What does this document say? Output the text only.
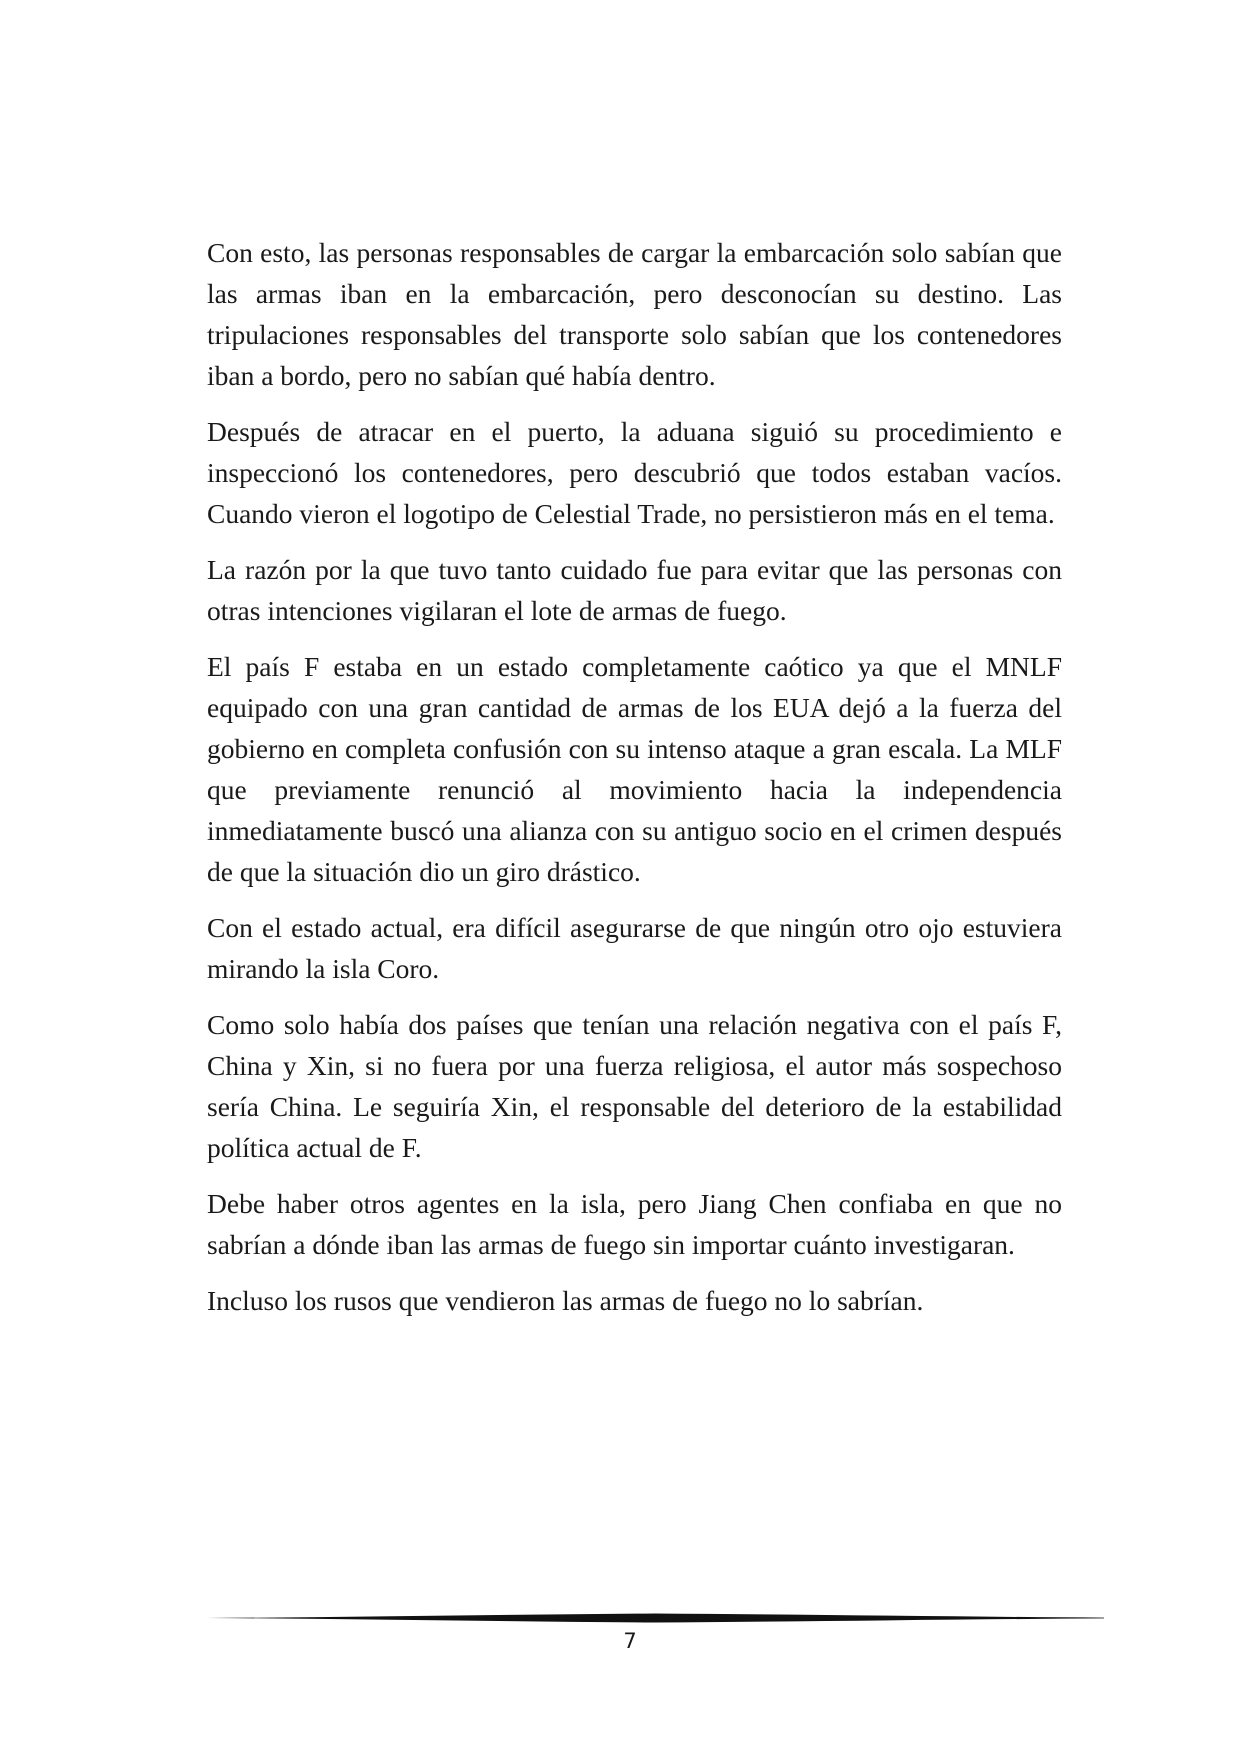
Con esto, las personas responsables de cargar la embarcación solo sabían que las armas iban en la embarcación, pero desconocían su destino. Las tripulaciones responsables del transporte solo sabían que los contenedores iban a bordo, pero no sabían qué había dentro.

Después de atracar en el puerto, la aduana siguió su procedimiento e inspeccionó los contenedores, pero descubrió que todos estaban vacíos. Cuando vieron el logotipo de Celestial Trade, no persistieron más en el tema.

La razón por la que tuvo tanto cuidado fue para evitar que las personas con otras intenciones vigilaran el lote de armas de fuego.

El país F estaba en un estado completamente caótico ya que el MNLF equipado con una gran cantidad de armas de los EUA dejó a la fuerza del gobierno en completa confusión con su intenso ataque a gran escala. La MLF que previamente renunció al movimiento hacia la independencia inmediatamente buscó una alianza con su antiguo socio en el crimen después de que la situación dio un giro drástico.

Con el estado actual, era difícil asegurarse de que ningún otro ojo estuviera mirando la isla Coro.

Como solo había dos países que tenían una relación negativa con el país F, China y Xin, si no fuera por una fuerza religiosa, el autor más sospechoso sería China. Le seguiría Xin, el responsable del deterioro de la estabilidad política actual de F.

Debe haber otros agentes en la isla, pero Jiang Chen confiaba en que no sabrían a dónde iban las armas de fuego sin importar cuánto investigaran.

Incluso los rusos que vendieron las armas de fuego no lo sabrían.

7
